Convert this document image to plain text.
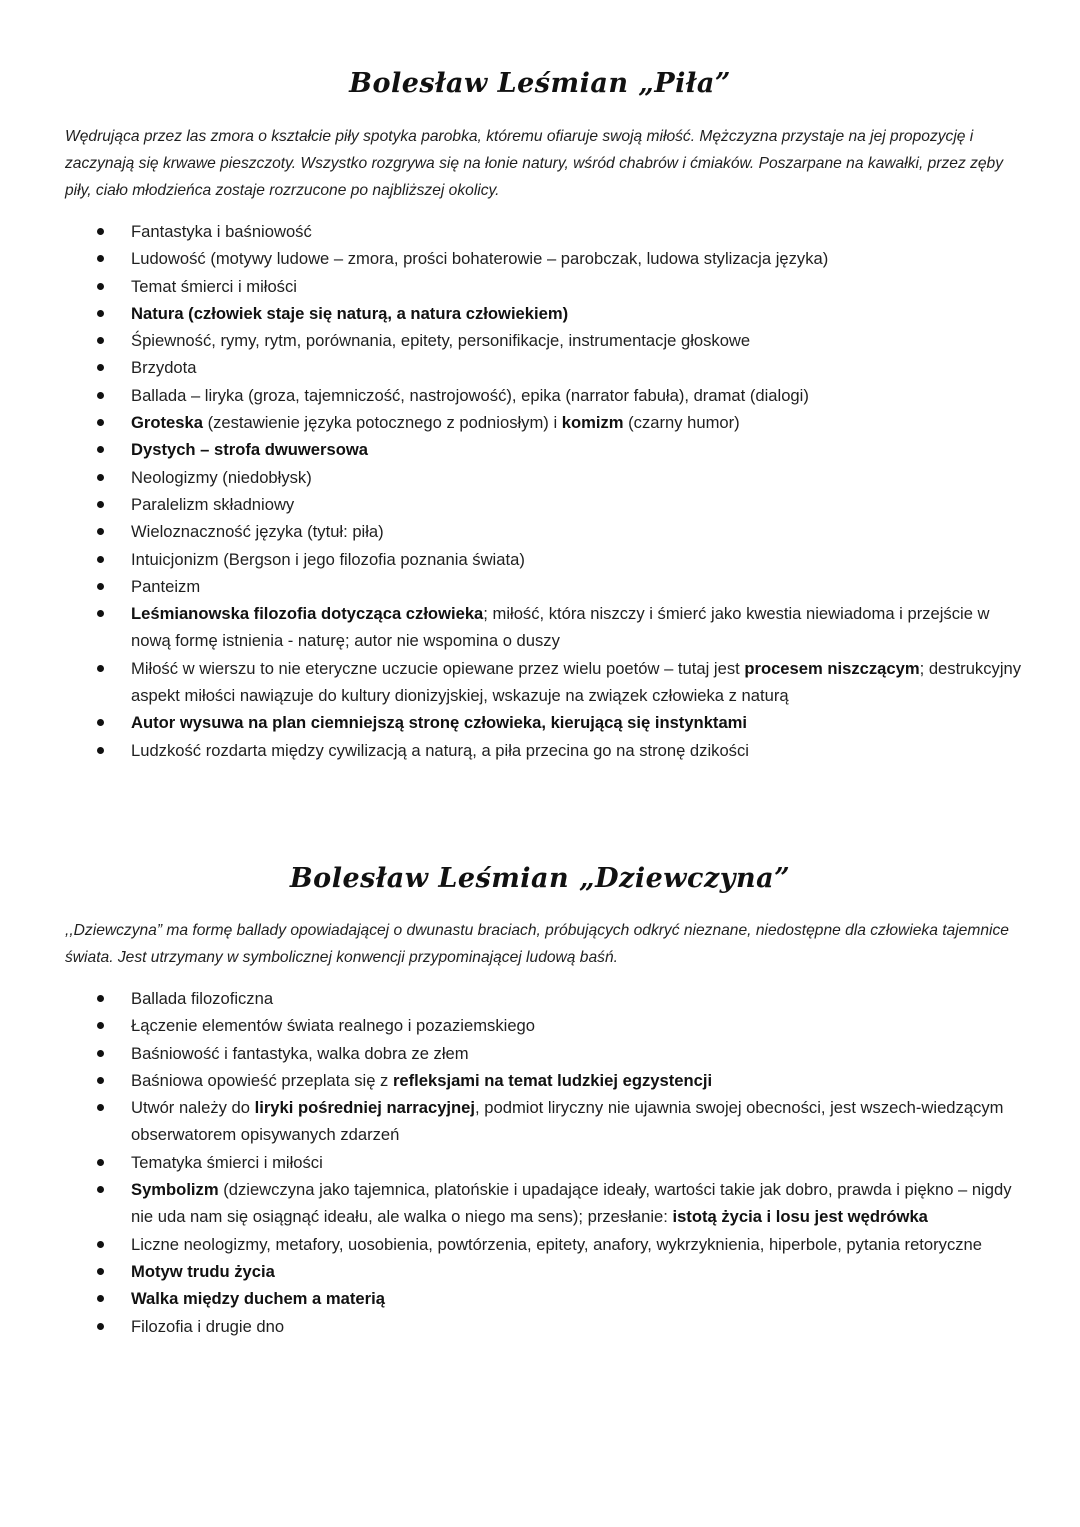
Bolesław Leśmian „Piła”

Wędrująca przez las zmora o kształcie piły spotyka parobka, któremu ofiaruje swoją miłość. Mężczyzna przystaje na jej propozycję i zaczynają się krwawe pieszczoty. Wszystko rozgrywa się na łonie natury, wśród chabrów i ćmiaków. Poszarpane na kawałki, przez zęby piły, ciało młodzieńca zostaje rozrzucone po najbliższej okolicy.

Fantastyka i baśniowość
Ludowość (motywy ludowe – zmora, prości bohaterowie – parobczak, ludowa stylizacja języka)
Temat śmierci i miłości
Natura (człowiek staje się naturą, a natura człowiekiem)
Śpiewność, rymy, rytm, porównania, epitety, personifikacje, instrumentacje głoskowe
Brzydota
Ballada – liryka (groza, tajemniczość, nastrojowość), epika (narrator fabuła), dramat (dialogi)
Groteska (zestawienie języka potocznego z podniosłym) i komizm (czarny humor)
Dystych – strofa dwuwersowa
Neologizmy (niedobłysk)
Paralelizm składniowy
Wieloznaczność języka (tytuł: piła)
Intuicjonizm (Bergson i jego filozofia poznania świata)
Panteizm
Leśmianowska filozofia dotycząca człowieka; miłość, która niszczy i śmierć jako kwestia niewiadoma i przejście w nową formę istnienia - naturę; autor nie wspomina o duszy
Miłość w wierszu to nie eteryczne uczucie opiewane przez wielu poetów – tutaj jest procesem niszczącym; destrukcyjny aspekt miłości nawiązuje do kultury dionizyjskiej, wskazuje na związek człowieka z naturą
Autor wysuwa na plan ciemniejszą stronę człowieka, kierującą się instynktami
Ludzkość rozdarta między cywilizacją a naturą, a piła przecina go na stronę dzikości
Bolesław Leśmian „Dziewczyna”

,,Dziewczyna” ma formę ballady opowiadającej o dwunastu braciach, próbujących odkryć nieznane, niedostępne dla człowieka tajemnice świata. Jest utrzymany w symbolicznej konwencji przypominającej ludową baśń.

Ballada filozoficzna
Łączenie elementów świata realnego i pozaziemskiego
Baśniowość i fantastyka, walka dobra ze złem
Baśniowa opowieść przeplata się z refleksjami na temat ludzkiej egzystencji
Utwór należy do liryki pośredniej narracyjnej, podmiot liryczny nie ujawnia swojej obecności, jest wszech-wiedzącym obserwatorem opisywanych zdarzeń
Tematyka śmierci i miłości
Symbolizm (dziewczyna jako tajemnica, platońskie i upadające ideały, wartości takie jak dobro, prawda i piękno – nigdy nie uda nam się osiągnąć ideału, ale walka o niego ma sens); przesłanie: istotą życia i losu jest wędrówka
Liczne neologizmy, metafory, uosobienia, powtórzenia, epitety, anafory, wykrzyknienia, hiperbole, pytania retoryczne
Motyw trudu życia
Walka między duchem a materią
Filozofia i drugie dno
